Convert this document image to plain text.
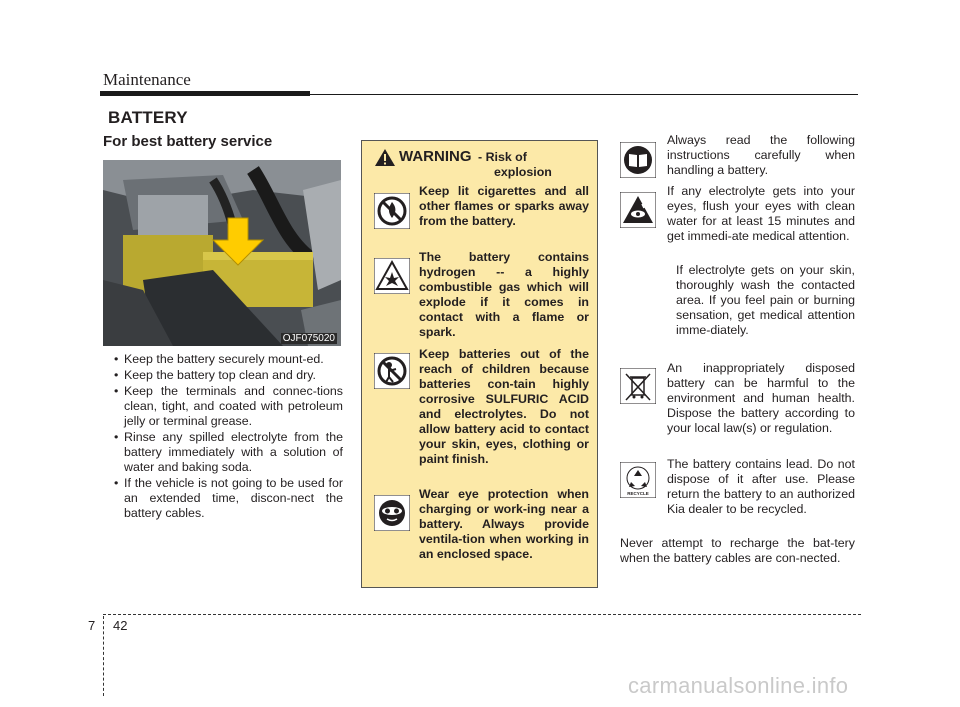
Maintenance
BATTERY
For best battery service
OJF075020
• Keep the battery securely mount-ed.
• Keep the battery top clean and dry.
• Keep the terminals and connec-tions clean, tight, and coated with petroleum jelly or terminal grease.
• Rinse any spilled electrolyte from the battery immediately with a solution of water and baking soda.
• If the vehicle is not going to be used for an extended time, discon-nect the battery cables.
WARNING - Risk of
explosion
Keep lit cigarettes and all other flames or sparks away from the battery.
The battery contains hydrogen -- a highly combustible gas which will explode if it comes in contact with a flame or spark.
Keep batteries out of the reach of children because batteries con-tain highly corrosive SULFURIC ACID and electrolytes. Do not allow battery acid to contact your skin, eyes, clothing or paint finish.
Wear eye protection when charging or work-ing near a battery. Always provide ventila-tion when working in an enclosed space.
Always read the following instructions carefully when handling a battery.
If any electrolyte gets into your eyes, flush your eyes with clean water for at least 15 minutes and get immedi-ate medical attention.
If electrolyte gets on your skin, thoroughly wash the contacted area. If you feel pain or burning sensation, get medical attention imme-diately.
An inappropriately disposed battery can be harmful to the environment and human health. Dispose the battery according to your local law(s) or regulation.
RECYCLE
The battery contains lead. Do not dispose of it after use. Please return the battery to an authorized Kia dealer to be recycled.
Never attempt to recharge the bat-tery when the battery cables are con-nected.
7 42
carmanualsonline.info
